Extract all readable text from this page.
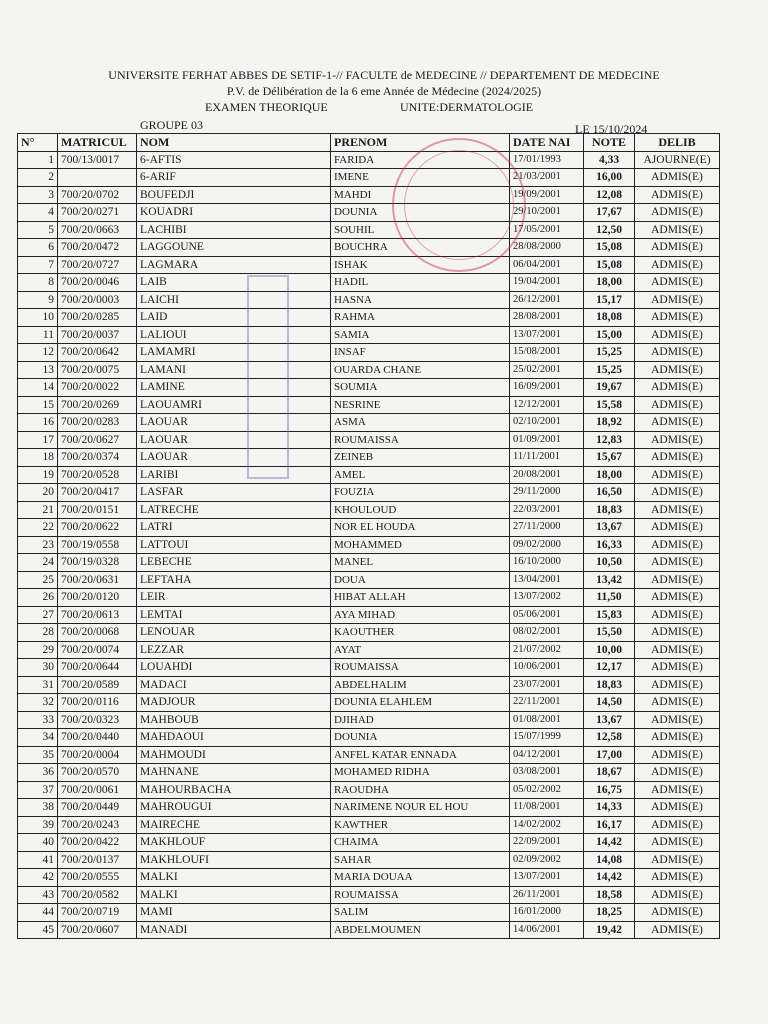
UNIVERSITE FERHAT ABBES DE SETIF-1-// FACULTE de MEDECINE // DEPARTEMENT DE MEDECINE
P.V. de Délibération de la 6 eme Année de Médecine (2024/2025)
EXAMEN THEORIQUE	UNITE:DERMATOLOGIE
GROUPE 03	LE 15/10/2024
N°	MATRICUL	NOM	PRENOM	DATE NAI	NOTE	DELIB
1	700/13/0017	6-AFTIS	FARIDA	17/01/1993	4,33	AJOURNE(E)
2		6-ARIF	IMENE	21/03/2001	16,00	ADMIS(E)
3	700/20/0702	BOUFEDJI	MAHDI	19/09/2001	12,08	ADMIS(E)
4	700/20/0271	KOUADRI	DOUNIA	29/10/2001	17,67	ADMIS(E)
5	700/20/0663	LACHIBI	SOUHIL	17/05/2001	12,50	ADMIS(E)
6	700/20/0472	LAGGOUNE	BOUCHRA	28/08/2000	15,08	ADMIS(E)
7	700/20/0727	LAGMARA	ISHAK	06/04/2001	15,08	ADMIS(E)
8	700/20/0046	LAIB	HADIL	19/04/2001	18,00	ADMIS(E)
9	700/20/0003	LAICHI	HASNA	26/12/2001	15,17	ADMIS(E)
10	700/20/0285	LAID	RAHMA	28/08/2001	18,08	ADMIS(E)
11	700/20/0037	LALIOUI	SAMIA	13/07/2001	15,00	ADMIS(E)
12	700/20/0642	LAMAMRI	INSAF	15/08/2001	15,25	ADMIS(E)
13	700/20/0075	LAMANI	OUARDA CHANE	25/02/2001	15,25	ADMIS(E)
14	700/20/0022	LAMINE	SOUMIA	16/09/2001	19,67	ADMIS(E)
15	700/20/0269	LAOUAMRI	NESRINE	12/12/2001	15,58	ADMIS(E)
16	700/20/0283	LAOUAR	ASMA	02/10/2001	18,92	ADMIS(E)
17	700/20/0627	LAOUAR	ROUMAISSA	01/09/2001	12,83	ADMIS(E)
18	700/20/0374	LAOUAR	ZEINEB	11/11/2001	15,67	ADMIS(E)
19	700/20/0528	LARIBI	AMEL	20/08/2001	18,00	ADMIS(E)
20	700/20/0417	LASFAR	FOUZIA	29/11/2000	16,50	ADMIS(E)
21	700/20/0151	LATRECHE	KHOULOUD	22/03/2001	18,83	ADMIS(E)
22	700/20/0622	LATRI	NOR EL HOUDA	27/11/2000	13,67	ADMIS(E)
23	700/19/0558	LATTOUI	MOHAMMED	09/02/2000	16,33	ADMIS(E)
24	700/19/0328	LEBECHE	MANEL	16/10/2000	10,50	ADMIS(E)
25	700/20/0631	LEFTAHA	DOUA	13/04/2001	13,42	ADMIS(E)
26	700/20/0120	LEIR	HIBAT ALLAH	13/07/2002	11,50	ADMIS(E)
27	700/20/0613	LEMTAI	AYA MIHAD	05/06/2001	15,83	ADMIS(E)
28	700/20/0068	LENOUAR	KAOUTHER	08/02/2001	15,50	ADMIS(E)
29	700/20/0074	LEZZAR	AYAT	21/07/2002	10,00	ADMIS(E)
30	700/20/0644	LOUAHDI	ROUMAISSA	10/06/2001	12,17	ADMIS(E)
31	700/20/0589	MADACI	ABDELHALIM	23/07/2001	18,83	ADMIS(E)
32	700/20/0116	MADJOUR	DOUNIA ELAHLEM	22/11/2001	14,50	ADMIS(E)
33	700/20/0323	MAHBOUB	DJIHAD	01/08/2001	13,67	ADMIS(E)
34	700/20/0440	MAHDAOUI	DOUNIA	15/07/1999	12,58	ADMIS(E)
35	700/20/0004	MAHMOUDI	ANFEL KATAR ENNADA	04/12/2001	17,00	ADMIS(E)
36	700/20/0570	MAHNANE	MOHAMED RIDHA	03/08/2001	18,67	ADMIS(E)
37	700/20/0061	MAHOURBACHA	RAOUDHA	05/02/2002	16,75	ADMIS(E)
38	700/20/0449	MAHROUGUI	NARIMENE NOUR EL HOU	11/08/2001	14,33	ADMIS(E)
39	700/20/0243	MAIRECHE	KAWTHER	14/02/2002	16,17	ADMIS(E)
40	700/20/0422	MAKHLOUF	CHAIMA	22/09/2001	14,42	ADMIS(E)
41	700/20/0137	MAKHLOUFI	SAHAR	02/09/2002	14,08	ADMIS(E)
42	700/20/0555	MALKI	MARIA DOUAA	13/07/2001	14,42	ADMIS(E)
43	700/20/0582	MALKI	ROUMAISSA	26/11/2001	18,58	ADMIS(E)
44	700/20/0719	MAMI	SALIM	16/01/2000	18,25	ADMIS(E)
45	700/20/0607	MANADI	ABDELMOUMEN	14/06/2001	19,42	ADMIS(E)
